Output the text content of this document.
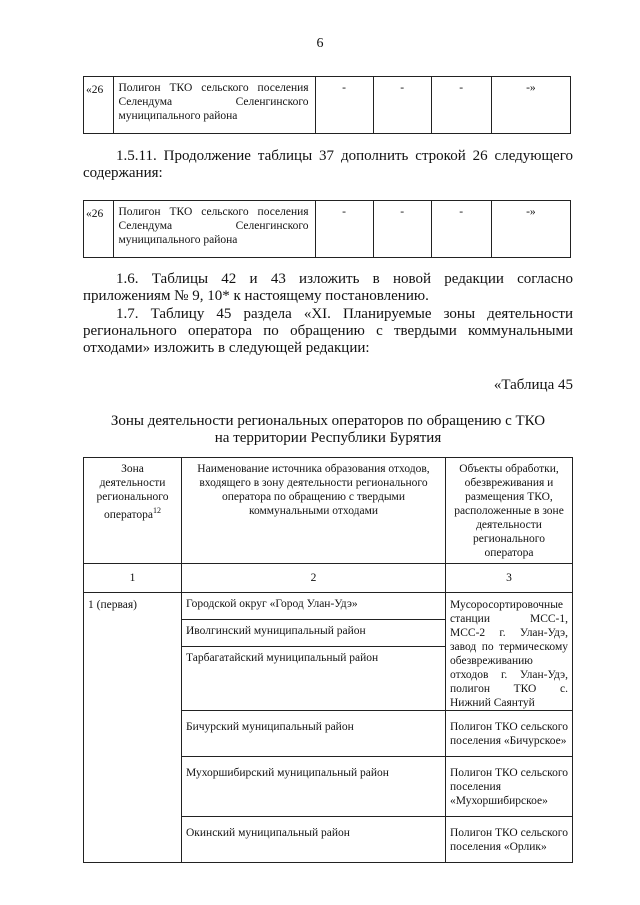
6
«26	Полигон ТКО сельского поселения Селендума Селенгинского муниципального района	-	-	-	-»
1.5.11. Продолжение таблицы 37 дополнить строкой 26 следующего содержания:
«26	Полигон ТКО сельского поселения Селендума Селенгинского муниципального района	-	-	-	-»
1.6. Таблицы 42 и 43 изложить в новой редакции согласно приложениям № 9, 10* к настоящему постановлению.
1.7. Таблицу 45 раздела «XI. Планируемые зоны деятельности регионального оператора по обращению с твердыми коммунальными отходами» изложить в следующей редакции:
«Таблица 45
Зоны деятельности региональных операторов по обращению с ТКО
на территории Республики Бурятия
Зона деятельности регионального оператора$^{12}$	Наименование источника образования отходов, входящего в зону деятельности регионального оператора по обращению с твердыми коммунальными отходами	Объекты обработки, обезвреживания и размещения ТКО, расположенные в зоне деятельности регионального оператора
1	2	3
1 (первая)	Городской округ «Город Улан-Удэ»	Мусоросортировочные станции МСС-1, МСС-2 г. Улан-Удэ, завод по термическому обезвреживанию отходов г. Улан-Удэ, полигон ТКО с. Нижний Саянтуй
	Иволгинский муниципальный район	
	Тарбагатайский муниципальный район	
	Бичурский муниципальный район	Полигон ТКО сельского поселения «Бичурское»
	Мухоршибирский муниципальный район	Полигон ТКО сельского поселения «Мухоршибирское»
	Окинский муниципальный район	Полигон ТКО сельского поселения «Орлик»
